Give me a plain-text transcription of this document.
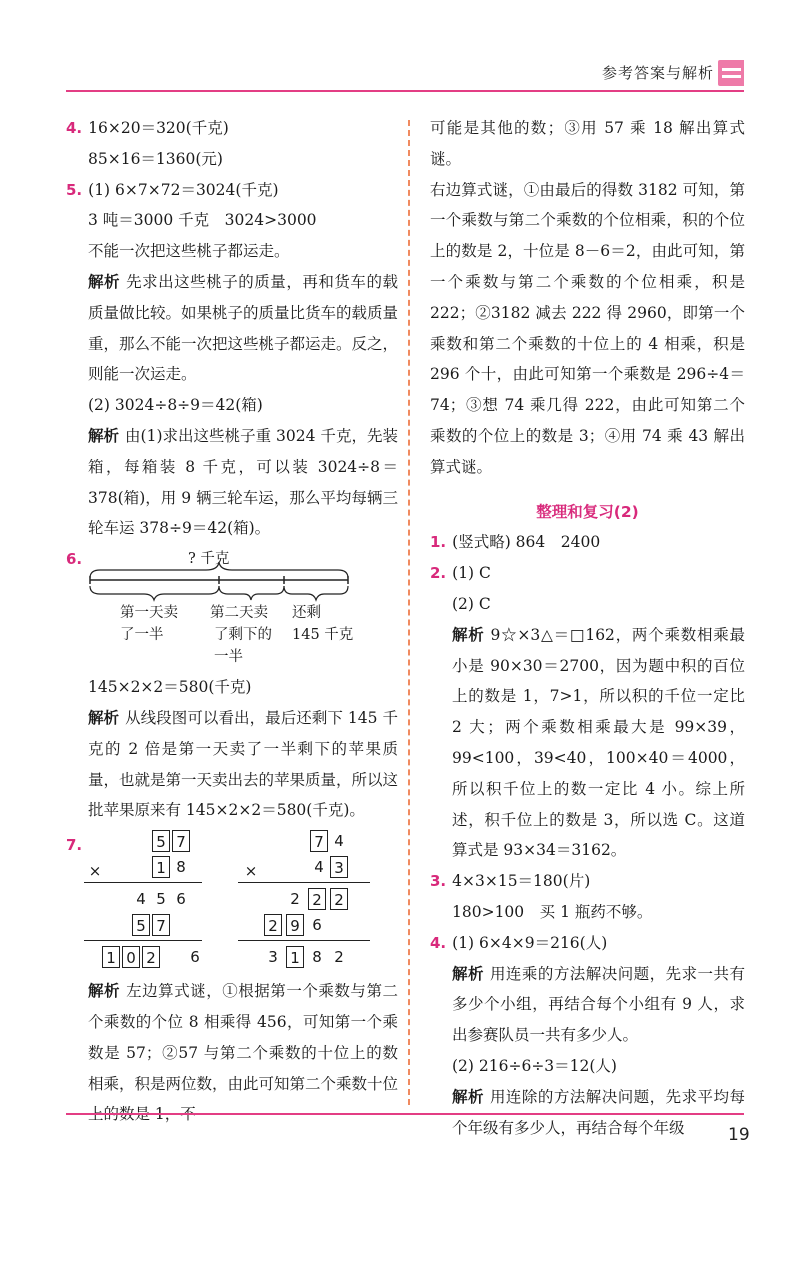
参考答案与解析
4. 16×20＝320(千克)
85×16＝1360(元)
5. (1) 6×7×72＝3024(千克)
3 吨＝3000 千克　3024>3000
不能一次把这些桃子都运走。
解析 先求出这些桃子的质量，再和货车的载质量做比较。如果桃子的质量比货车的载质量重，那么不能一次把这些桃子都运走。反之，则能一次运走。
(2) 3024÷8÷9＝42(箱)
解析 由(1)求出这些桃子重 3024 千克，先装箱，每箱装 8 千克，可以装 3024÷8＝378(箱)，用 9 辆三轮车运，那么平均每辆三轮车运 378÷9＝42(箱)。
6.	? 千克
第一天卖
了一半
第二天卖
了剩下的
一半
还剩
145 千克
145×2×2＝580(千克)
解析 从线段图可以看出，最后还剩下 145 千克的 2 倍是第一天卖了一半剩下的苹果质量，也就是第一天卖出去的苹果质量，所以这批苹果原来有 145×2×2＝580(千克)。
7.	5 7
×	1 8
4 5 6
5 7
1 0 2 6
7 4
×	4 3
2 2 2
2 9 6
3 1 8 2
解析 左边算式谜，①根据第一个乘数与第二个乘数的个位 8 相乘得 456，可知第一个乘数是 57；②57 与第二个乘数的十位上的数相乘，积是两位数，由此可知第二个乘数十位
可能是其他的数；③用 57 乘 18 解出算式谜。
右边算式谜，①由最后的得数 3182 可知，第一个乘数与第二个乘数的个位相乘，积的个位上的数是 2，十位是 8－6＝2，由此可知，第一个乘数与第二个乘数的个位相乘，积是 222；②3182 减去 222 得 2960，即第一个乘数和第二个乘数的十位上的 4 相乘，积是 296 个十，由此可知第一个乘数是 296÷4＝74；③想 74 乘几得 222，由此可知第二个乘数的个位上的数是 3；④用 74 乘 43 解出算式谜。
整理和复习(2)
1. (竖式略) 864　2400
2. (1) C
(2) C
解析 9☆×3△＝□162，两个乘数相乘最小是 90×30＝2700，因为题中积的百位上的数是 1，7>1，所以积的千位一定比 2 大；两个乘数相乘最大是 99×39，99<100，39<40，100×40＝4000，所以积千位上的数一定比 4 小。综上所述，积千位上的数是 3，所以选 C。这道算式是 93×34＝3162。
3. 4×3×15＝180(片)
180>100　买 1 瓶药不够。
4. (1) 6×4×9＝216(人)
解析 用连乘的方法解决问题，先求一共有多少个小组，再结合每个小组有 9 人，求出参赛队员一共有多少人。
(2) 216÷6÷3＝12(人)
解析 用连除的方法解决问题，先求平均每个年级有多少人，再结合每个年级	19
